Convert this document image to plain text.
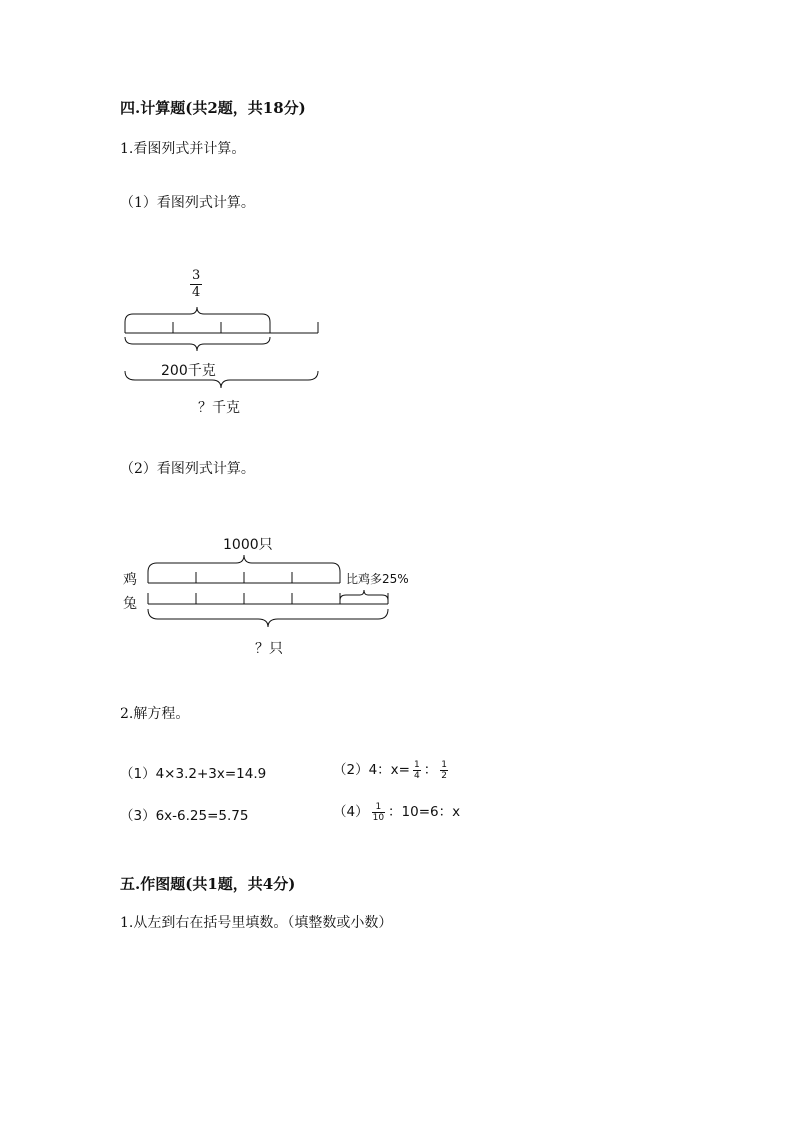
四.计算题(共2题，共18分)
1.看图列式并计算。
（1）看图列式计算。
$\frac{3}{4}$
200千克
？千克
（2）看图列式计算。
1000只
鸡
兔
比鸡多25%
？只
2.解方程。
（1）4×3.2+3x=14.9	（2）4：$x= \frac{1}{4}$ ： $\frac{1}{2}$
（3）6x-6.25=5.75	$(4) \frac{1}{10}$ ：10=6：x
五.作图题(共1题，共4分)
1.从左到右在括号里填数。（填整数或小数）
